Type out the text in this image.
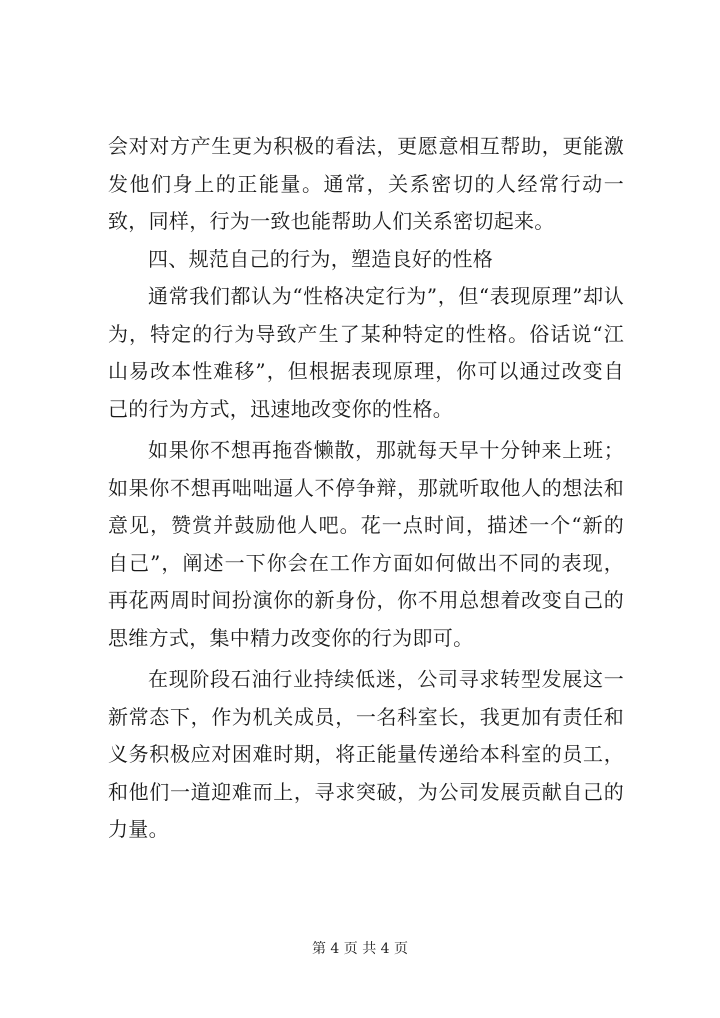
会对对方产生更为积极的看法，更愿意相互帮助，更能激发他们身上的正能量。通常，关系密切的人经常行动一致，同样，行为一致也能帮助人们关系密切起来。

四、规范自己的行为，塑造良好的性格

通常我们都认为“性格决定行为”，但“表现原理”却认为，特定的行为导致产生了某种特定的性格。俗话说“江山易改本性难移”，但根据表现原理，你可以通过改变自己的行为方式，迅速地改变你的性格。

如果你不想再拖沓懒散，那就每天早十分钟来上班；如果你不想再咄咄逼人不停争辩，那就听取他人的想法和意见，赞赏并鼓励他人吧。花一点时间，描述一个“新的自己”，阐述一下你会在工作方面如何做出不同的表现，再花两周时间扮演你的新身份，你不用总想着改变自己的思维方式，集中精力改变你的行为即可。

在现阶段石油行业持续低迷，公司寻求转型发展这一新常态下，作为机关成员，一名科室长，我更加有责任和义务积极应对困难时期，将正能量传递给本科室的员工，和他们一道迎难而上，寻求突破，为公司发展贡献自己的力量。

第 4 页 共 4 页
